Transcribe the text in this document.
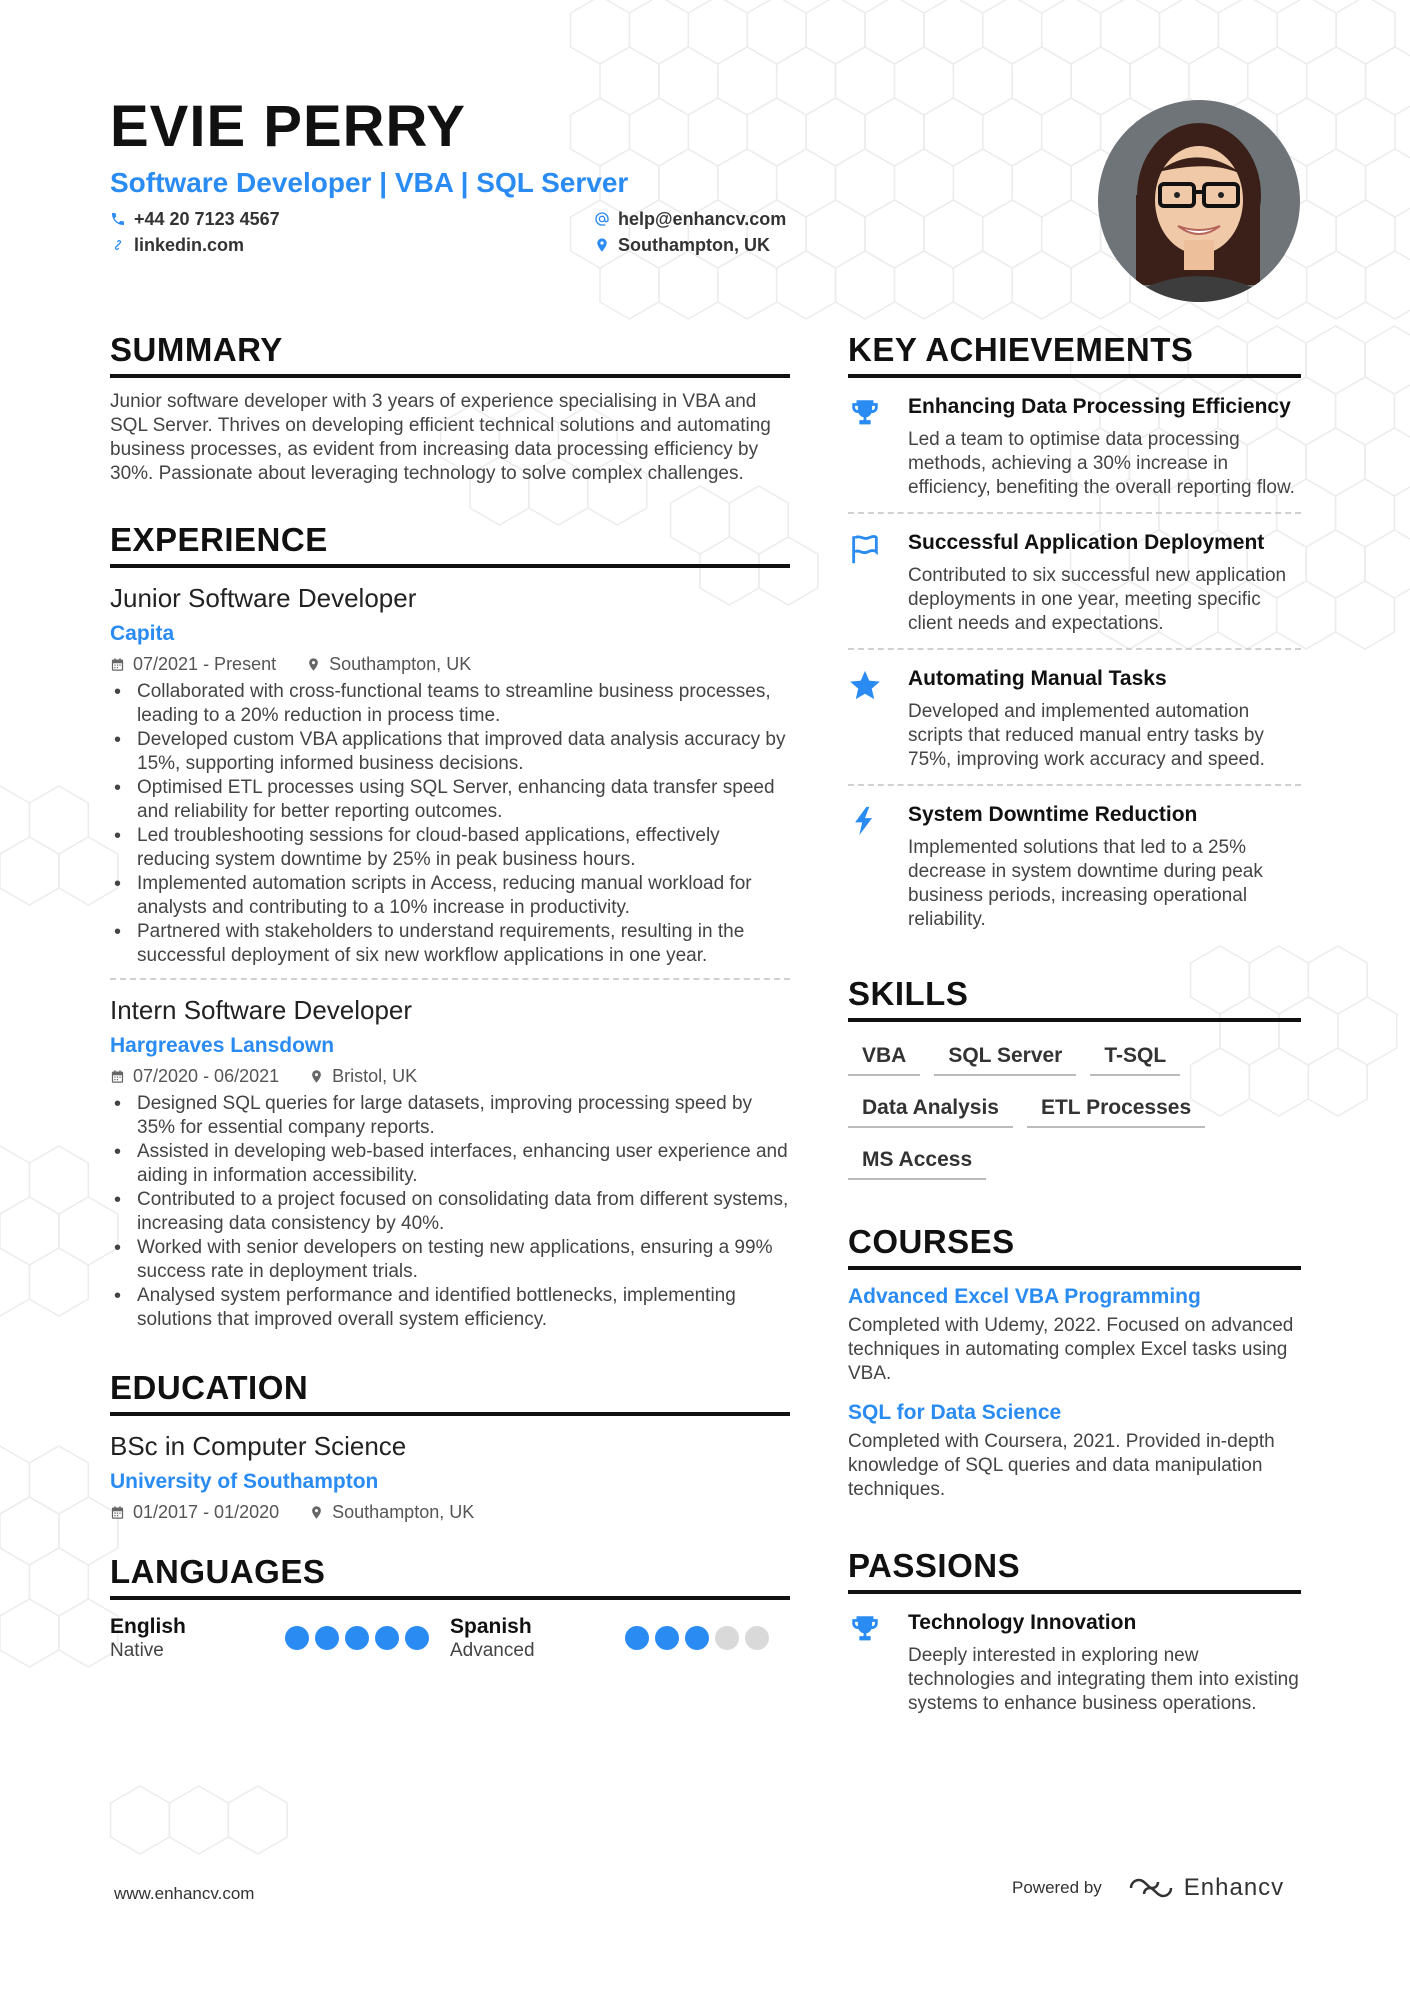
EVIE PERRY
Software Developer | VBA | SQL Server
+44 20 7123 4567	help@enhancv.com
linkedin.com	Southampton, UK
SUMMARY
Junior software developer with 3 years of experience specialising in VBA and SQL Server. Thrives on developing efficient technical solutions and automating business processes, as evident from increasing data processing efficiency by 30%. Passionate about leveraging technology to solve complex challenges.
EXPERIENCE
Junior Software Developer
Capita
07/2021 - Present	Southampton, UK
• Collaborated with cross-functional teams to streamline business processes, leading to a 20% reduction in process time.
• Developed custom VBA applications that improved data analysis accuracy by 15%, supporting informed business decisions.
• Optimised ETL processes using SQL Server, enhancing data transfer speed and reliability for better reporting outcomes.
• Led troubleshooting sessions for cloud-based applications, effectively reducing system downtime by 25% in peak business hours.
• Implemented automation scripts in Access, reducing manual workload for analysts and contributing to a 10% increase in productivity.
• Partnered with stakeholders to understand requirements, resulting in the successful deployment of six new workflow applications in one year.
Intern Software Developer
Hargreaves Lansdown
07/2020 - 06/2021	Bristol, UK
• Designed SQL queries for large datasets, improving processing speed by 35% for essential company reports.
• Assisted in developing web-based interfaces, enhancing user experience and aiding in information accessibility.
• Contributed to a project focused on consolidating data from different systems, increasing data consistency by 40%.
• Worked with senior developers on testing new applications, ensuring a 99% success rate in deployment trials.
• Analysed system performance and identified bottlenecks, implementing solutions that improved overall system efficiency.
EDUCATION
BSc in Computer Science
University of Southampton
01/2017 - 01/2020	Southampton, UK
LANGUAGES
English
Native
Spanish
Advanced
KEY ACHIEVEMENTS
Enhancing Data Processing Efficiency
Led a team to optimise data processing methods, achieving a 30% increase in efficiency, benefiting the overall reporting flow.
Successful Application Deployment
Contributed to six successful new application deployments in one year, meeting specific client needs and expectations.
Automating Manual Tasks
Developed and implemented automation scripts that reduced manual entry tasks by 75%, improving work accuracy and speed.
System Downtime Reduction
Implemented solutions that led to a 25% decrease in system downtime during peak business periods, increasing operational reliability.
SKILLS
VBA	SQL Server	T-SQL
Data Analysis	ETL Processes
MS Access
COURSES
Advanced Excel VBA Programming
Completed with Udemy, 2022. Focused on advanced techniques in automating complex Excel tasks using VBA.
SQL for Data Science
Completed with Coursera, 2021. Provided in-depth knowledge of SQL queries and data manipulation techniques.
PASSIONS
Technology Innovation
Deeply interested in exploring new technologies and integrating them into existing systems to enhance business operations.
www.enhancv.com	Powered by	Enhancv
